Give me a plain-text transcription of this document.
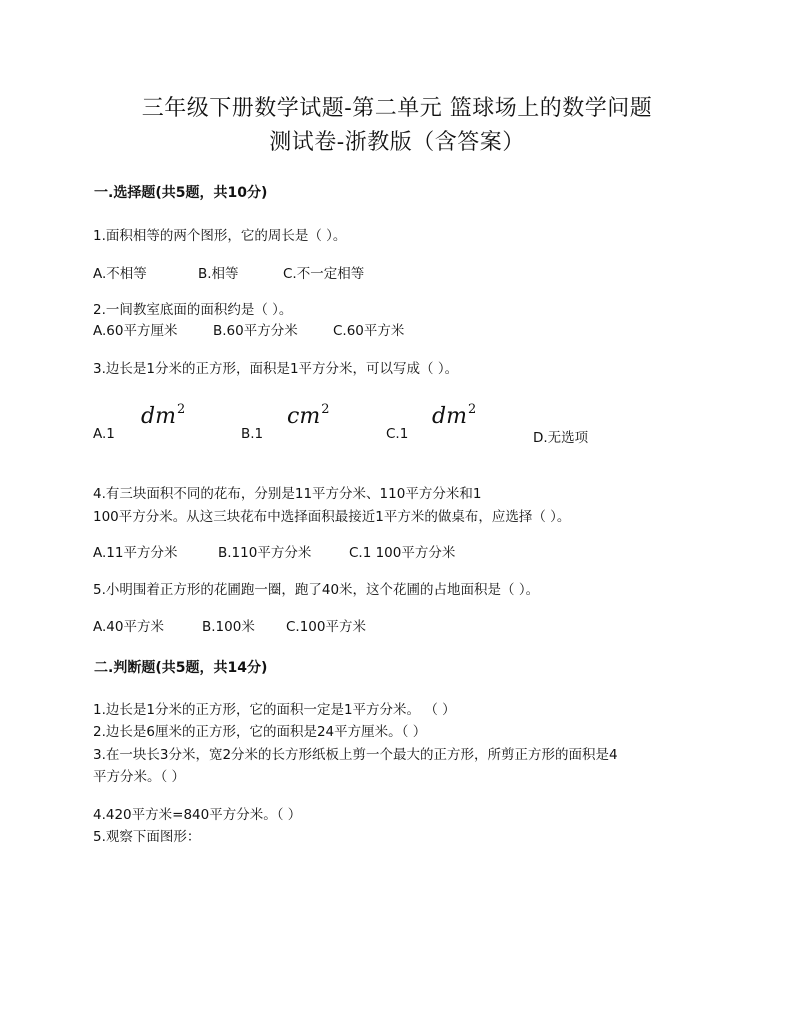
三年级下册数学试题-第二单元 篮球场上的数学问题
测试卷-浙教版（含答案）
一.选择题(共5题，共10分)
1.面积相等的两个图形，它的周长是（ ）。
A.不相等	B.相等	C.不一定相等
2.一间教室底面的面积约是（ ）。
A.60平方厘米	B.60平方分米	C.60平方米
3.边长是1分米的正方形，面积是1平方分米，可以写成（ ）。
A.1
$dm^2$
B.1
$cm^2$
C.1
$dm^2$
D.无选项
4.有三块面积不同的花布，分别是11平方分米、110平方分米和1
100平方分米。从这三块花布中选择面积最接近1平方米的做桌布，应选择（ ）。
A.11平方分米	B.110平方分米	C.1 100平方分米
5.小明围着正方形的花圃跑一圈，跑了40米，这个花圃的占地面积是（ ）。
A.40平方米	B.100米 C.100平方米
二.判断题(共5题，共14分)
1.边长是1分米的正方形，它的面积一定是1平方分米。 （ ）
2.边长是6厘米的正方形，它的面积是24平方厘米。（ ）
3.在一块长3分米，宽2分米的长方形纸板上剪一个最大的正方形，所剪正方形的面积是4
平方分米。（ ）
4.420平方米=840平方分米。（ ）
5.观察下面图形：
